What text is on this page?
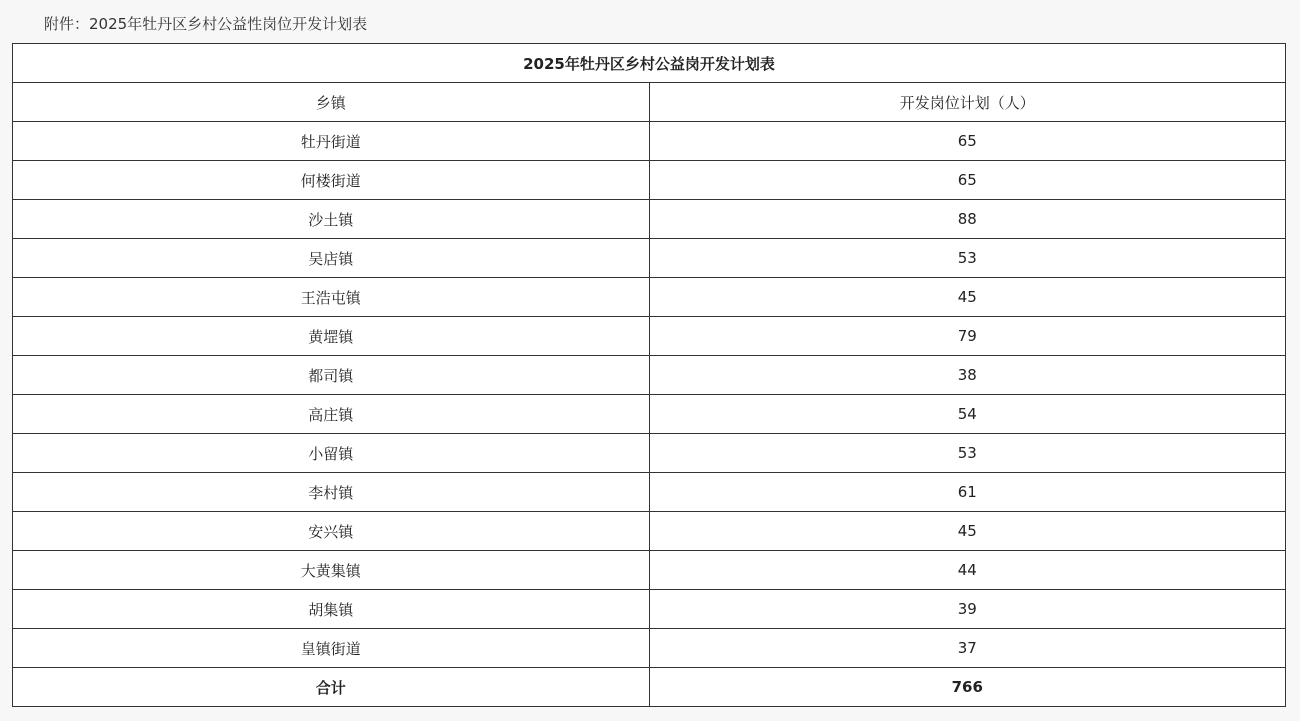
附件：2025年牡丹区乡村公益性岗位开发计划表
2025年牡丹区乡村公益岗开发计划表	
乡镇	开发岗位计划（人）
牡丹街道	65
何楼街道	65
沙土镇	88
吴店镇	53
王浩屯镇	45
黄堽镇	79
都司镇	38
高庄镇	54
小留镇	53
李村镇	61
安兴镇	45
大黄集镇	44
胡集镇	39
皇镇街道	37
合计	766
